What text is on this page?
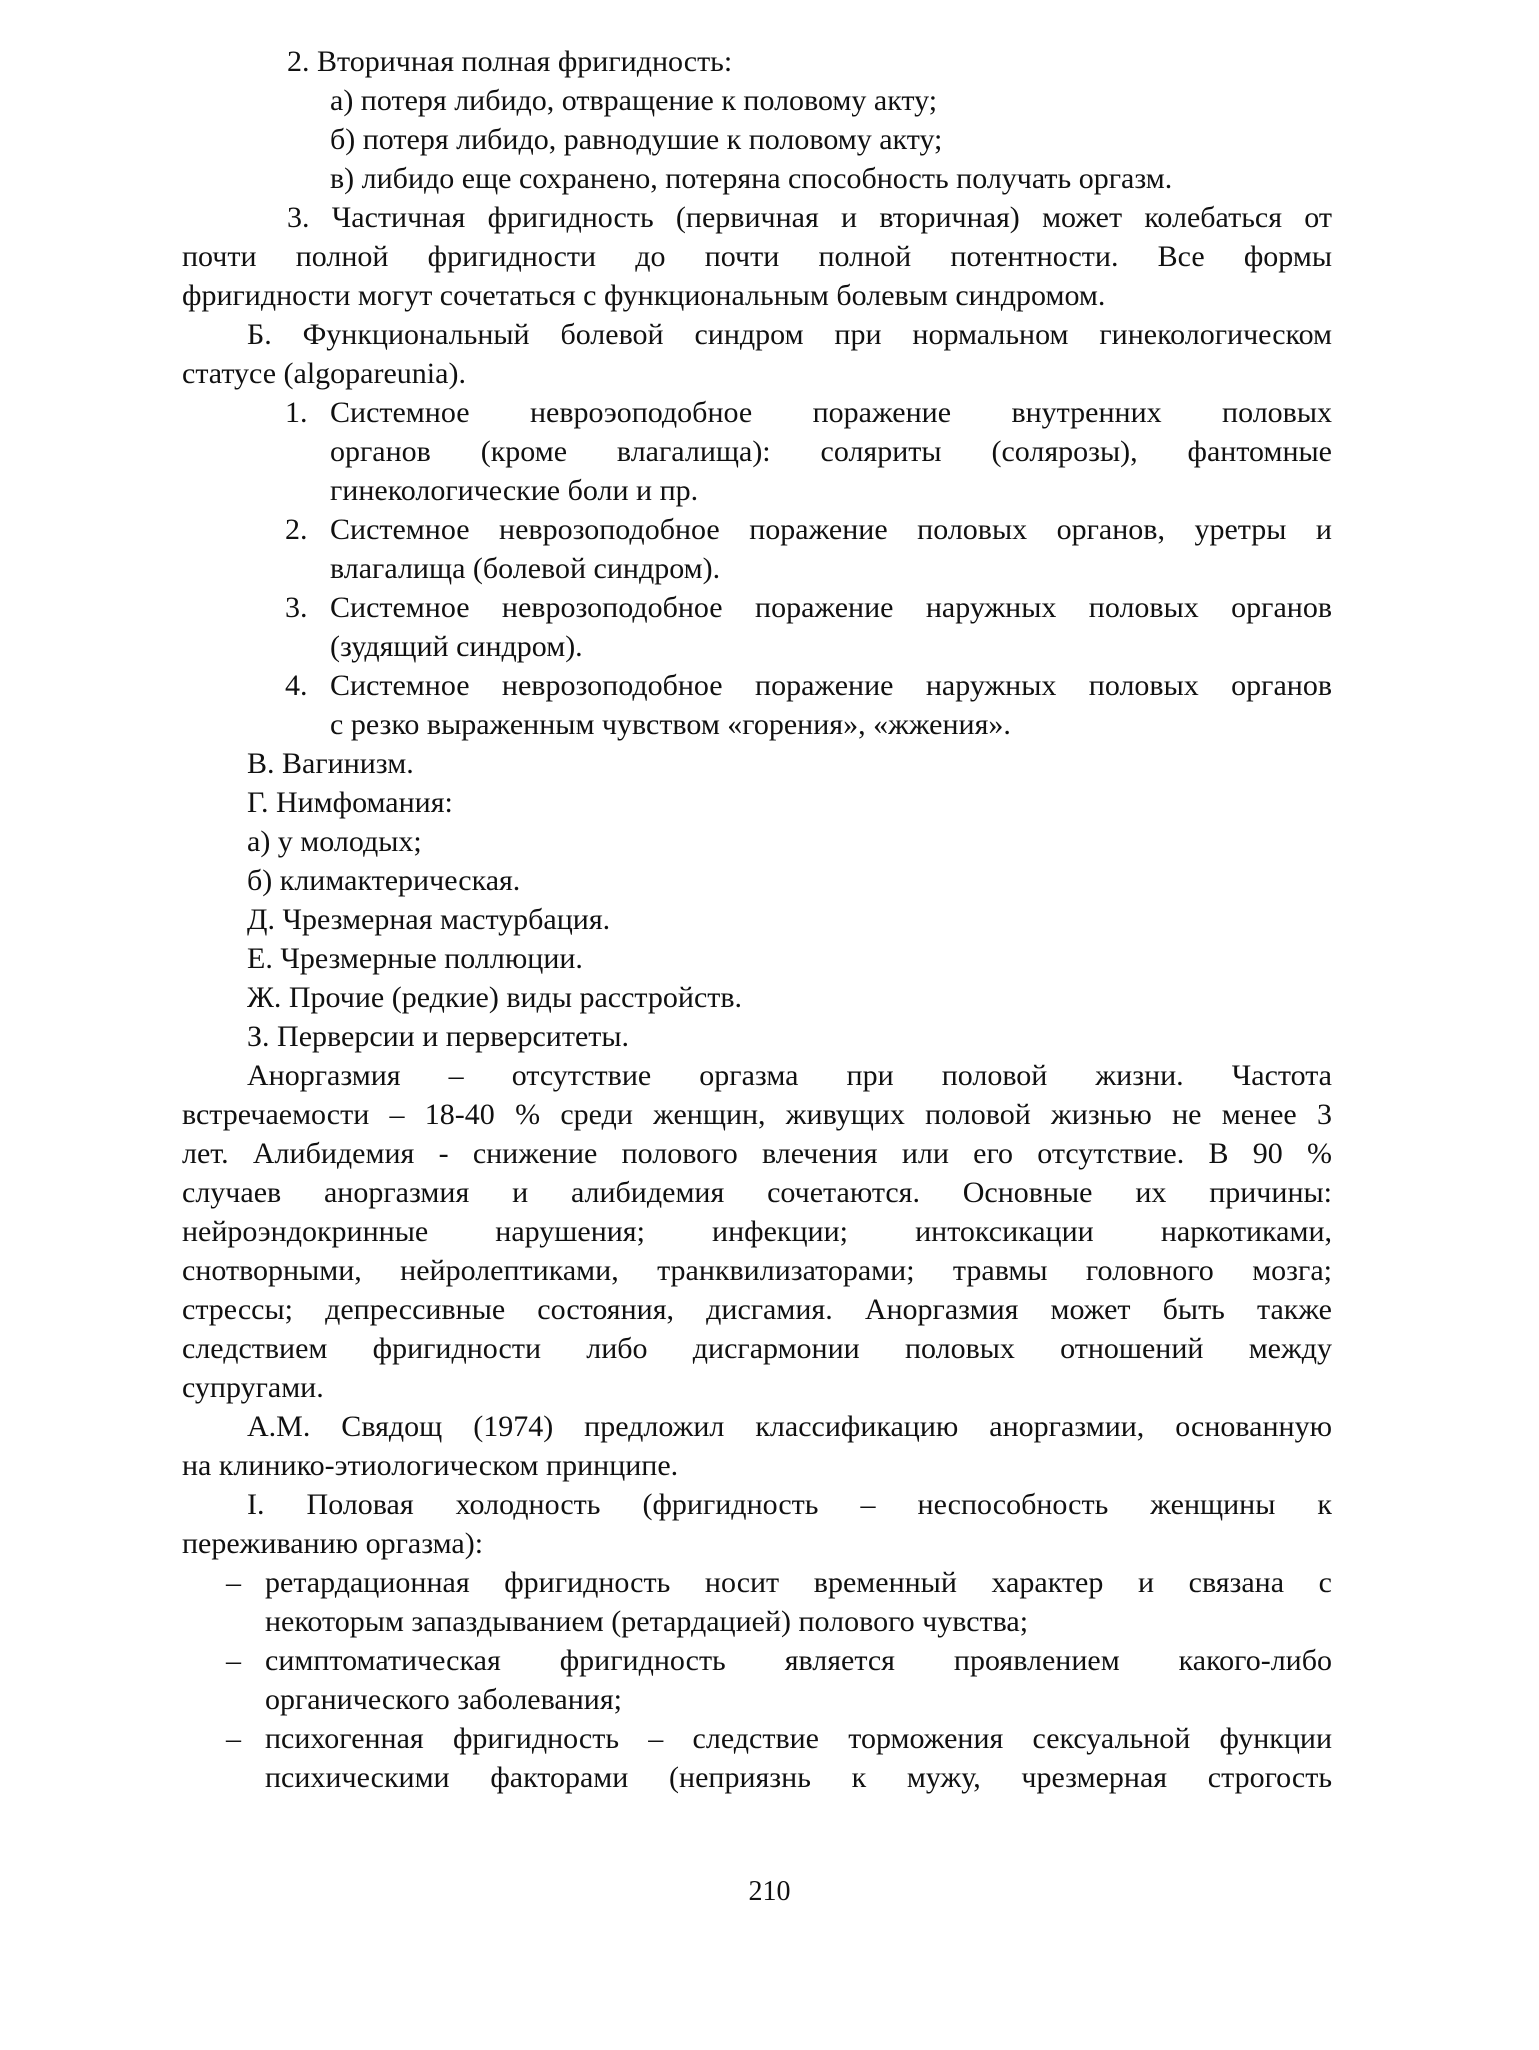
2. Вторичная полная фригидность:
а) потеря либидо, отвращение к половому акту;
б) потеря либидо, равнодушие к половому акту;
в) либидо еще сохранено, потеряна способность получать оргазм.
3. Частичная фригидность (первичная и вторичная) может колебаться от
почти полной фригидности до почти полной потентности. Все формы
фригидности могут сочетаться с функциональным болевым синдромом.
Б. Функциональный болевой синдром при нормальном гинекологическом
статусе (algopareunia).
1. Системное невроэоподобное поражение внутренних половых
органов (кроме влагалища): соляриты (солярозы), фантомные
гинекологические боли и пр.
2. Системное неврозоподобное поражение половых органов, уретры и
влагалища (болевой синдром).
3. Системное неврозоподобное поражение наружных половых органов
(зудящий синдром).
4. Системное неврозоподобное поражение наружных половых органов
с резко выраженным чувством «горения», «жжения».
В. Вагинизм.
Г. Нимфомания:
а) у молодых;
б) климактерическая.
Д. Чрезмерная мастурбация.
Е. Чрезмерные поллюции.
Ж. Прочие (редкие) виды расстройств.
З. Перверсии и перверситеты.
Аноргазмия – отсутствие оргазма при половой жизни. Частота
встречаемости – 18-40 % среди женщин, живущих половой жизнью не менее 3
лет. Алибидемия - снижение полового влечения или его отсутствие. В 90 %
случаев аноргазмия и алибидемия сочетаются. Основные их причины:
нейроэндокринные нарушения; инфекции; интоксикации наркотиками,
снотворными, нейролептиками, транквилизаторами; травмы головного мозга;
стрессы; депрессивные состояния, дисгамия. Аноргазмия может быть также
следствием фригидности либо дисгармонии половых отношений между
супругами.
А.М. Свядощ (1974) предложил классификацию аноргазмии, основанную
на клинико-этиологическом принципе.
I. Половая холодность (фригидность – неспособность женщины к
переживанию оргазма):
– ретардационная фригидность носит временный характер и связана с
некоторым запаздыванием (ретардацией) полового чувства;
– симптоматическая фригидность является проявлением какого-либо
органического заболевания;
– психогенная фригидность – следствие торможения сексуальной функции
психическими факторами (неприязнь к мужу, чрезмерная строгость
210
